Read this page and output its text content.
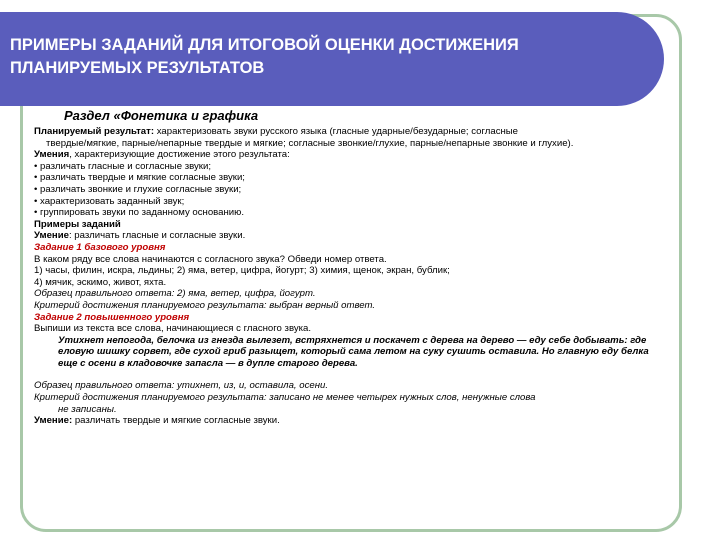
ПРИМЕРЫ ЗАДАНИЙ ДЛЯ ИТОГОВОЙ ОЦЕНКИ ДОСТИЖЕНИЯ ПЛАНИРУЕМЫХ РЕЗУЛЬТАТОВ

Раздел «Фонетика и графика

Планируемый результат: характеризовать звуки русского языка (гласные ударные/безударные; согласные

твердые/мягкие, парные/непарные твердые и мягкие; согласные звонкие/глухие, парные/непарные звонкие и глухие).

Умения, характеризующие достижение этого результата:

• различать гласные и согласные звуки;

• различать твердые и мягкие согласные звуки;

• различать звонкие и глухие согласные звуки;

• характеризовать заданный звук;

• группировать звуки по заданному основанию.

Примеры заданий

Умение: различать гласные и согласные звуки.

Задание 1 базового уровня

В каком ряду все слова начинаются с согласного звука? Обведи номер ответа.

1) часы, филин, искра, льдины; 2) яма, ветер, цифра, йогурт; 3) химия, щенок, экран, бублик;

4) мячик, эскимо, живот, яхта.

Образец правильного ответа: 2) яма, ветер, цифра, йогурт.

Критерий достижения планируемого результата: выбран верный ответ.

Задание 2 повышенного уровня

Выпиши из текста все слова, начинающиеся с гласного звука.

Утихнет непогода, белочка из гнезда вылезет, встряхнется и поскачет с дерева на дерево — еду себе добывать: где еловую шишку сорвет, где сухой гриб разыщет, который сама летом на суку сушить оставила. Но главную еду белка еще с осени в кладовочке запасла — в дупле старого дерева.

Образец правильного ответа: утихнет, из, и, оставила, осени.

Критерий достижения планируемого результата: записано не менее четырех нужных слов, ненужные слова

не записаны.

Умение: различать твердые и мягкие согласные звуки.
